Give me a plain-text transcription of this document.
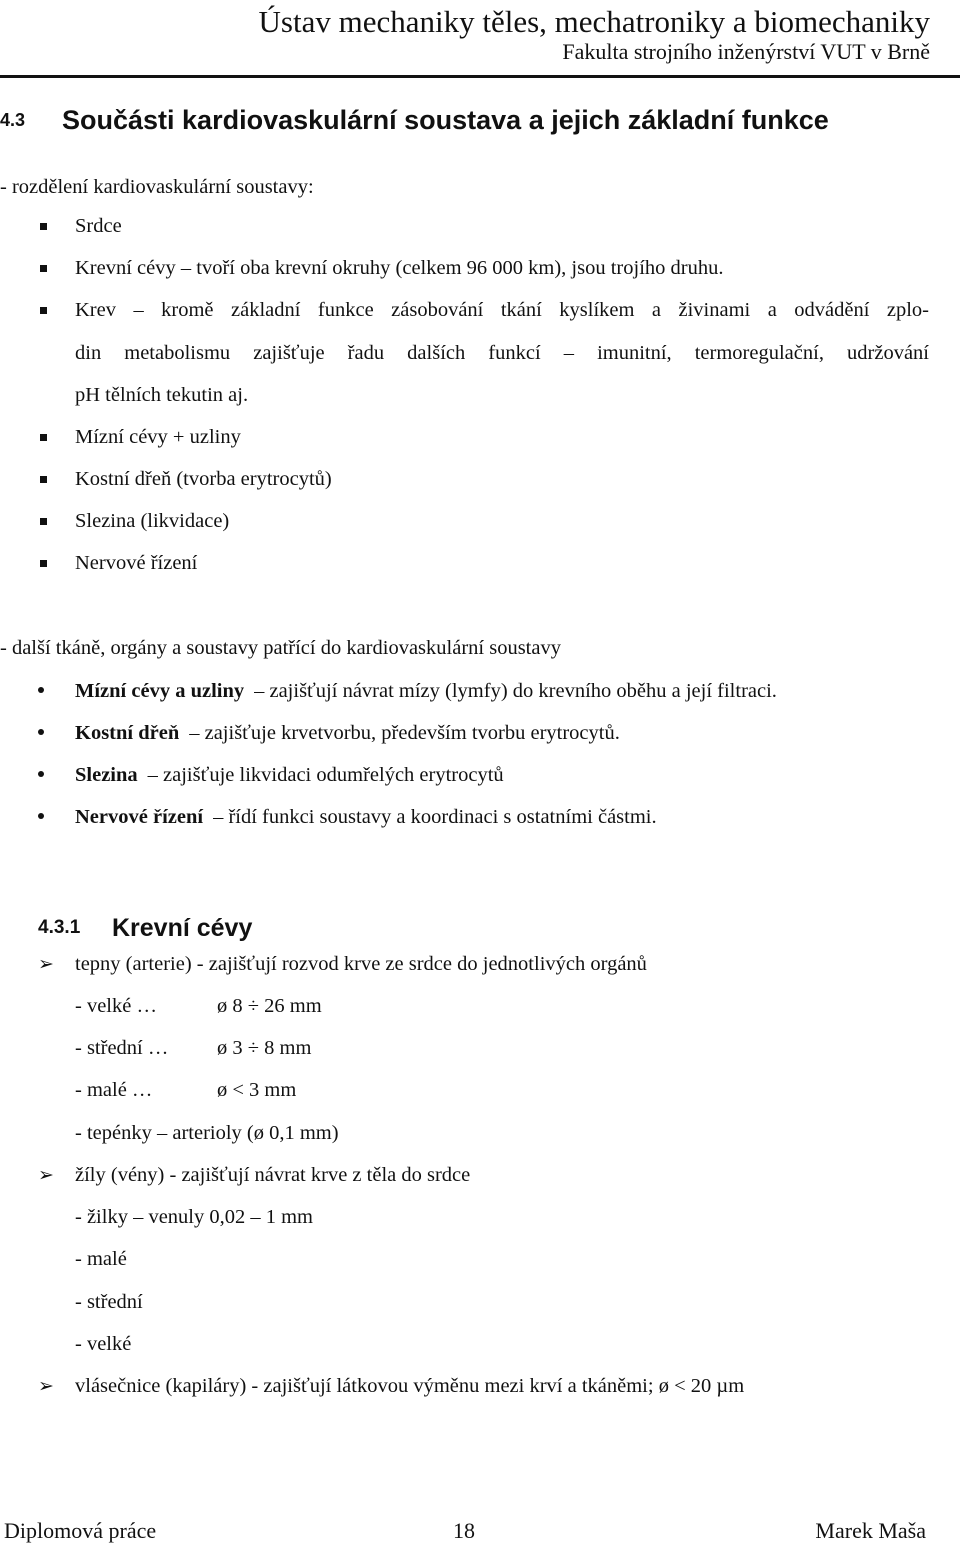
Ústav mechaniky těles, mechatroniky a biomechaniky
Fakulta strojního inženýrství VUT v Brně
4.3 Součásti kardiovaskulární soustava a jejich základní funkce
- rozdělení kardiovaskulární soustavy:
Srdce
Krevní cévy – tvoří oba krevní okruhy (celkem 96 000 km), jsou trojího druhu.
Krev – kromě základní funkce zásobování tkání kyslíkem a živinami a odvádění zplo-
din metabolismu zajišťuje řadu dalších funkcí – imunitní, termoregulační, udržování
pH tělních tekutin aj.
Mízní cévy + uzliny
Kostní dřeň (tvorba erytrocytů)
Slezina (likvidace)
Nervové řízení
- další tkáně, orgány a soustavy patřící do kardiovaskulární soustavy
Mízní cévy a uzliny – zajišťují návrat mízy (lymfy) do krevního oběhu a její filtraci.
Kostní dřeň – zajišťuje krvetvorbu, především tvorbu erytrocytů.
Slezina – zajišťuje likvidaci odumřelých erytrocytů
Nervové řízení – řídí funkci soustavy a koordinaci s ostatními částmi.
4.3.1 Krevní cévy
➢ tepny (arterie) - zajišťují rozvod krve ze srdce do jednotlivých orgánů
- velké …	ø 8 ÷ 26 mm
- střední … ø 3 ÷ 8 mm
- malé …	ø < 3 mm
- tepénky – arterioly (ø 0,1 mm)
➢ žíly (vény) - zajišťují návrat krve z těla do srdce
- žilky – venuly 0,02 – 1 mm
- malé
- střední
- velké
➢ vlásečnice (kapiláry) - zajišťují látkovou výměnu mezi krví a tkáněmi; ø < 20 µm
Diplomová práce	18	Marek Maša
